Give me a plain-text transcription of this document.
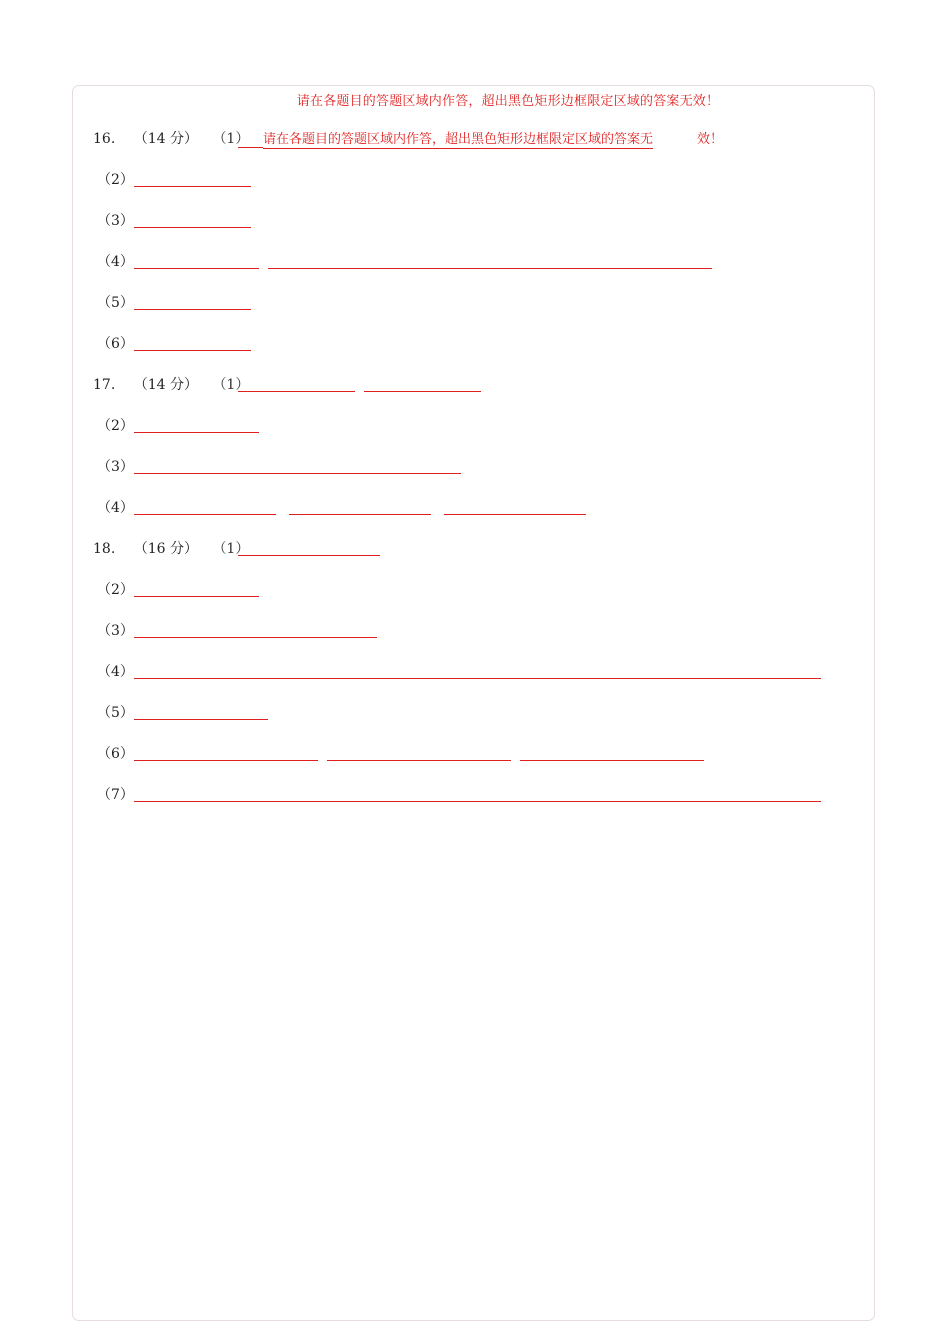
请在各题目的答题区域内作答，超出黑色矩形边框限定区域的答案无效！
16. （14 分） （1） 请在各题目的答题区域内作答，超出黑色矩形边框限定区域的答案无	效！
（2）
（3）
（4）
（5）
（6）
17. （14 分） （1）
（2）
（3）
（4）
18. （16 分） （1）
（2）
（3）
（4）
（5）
（6）
（7）
